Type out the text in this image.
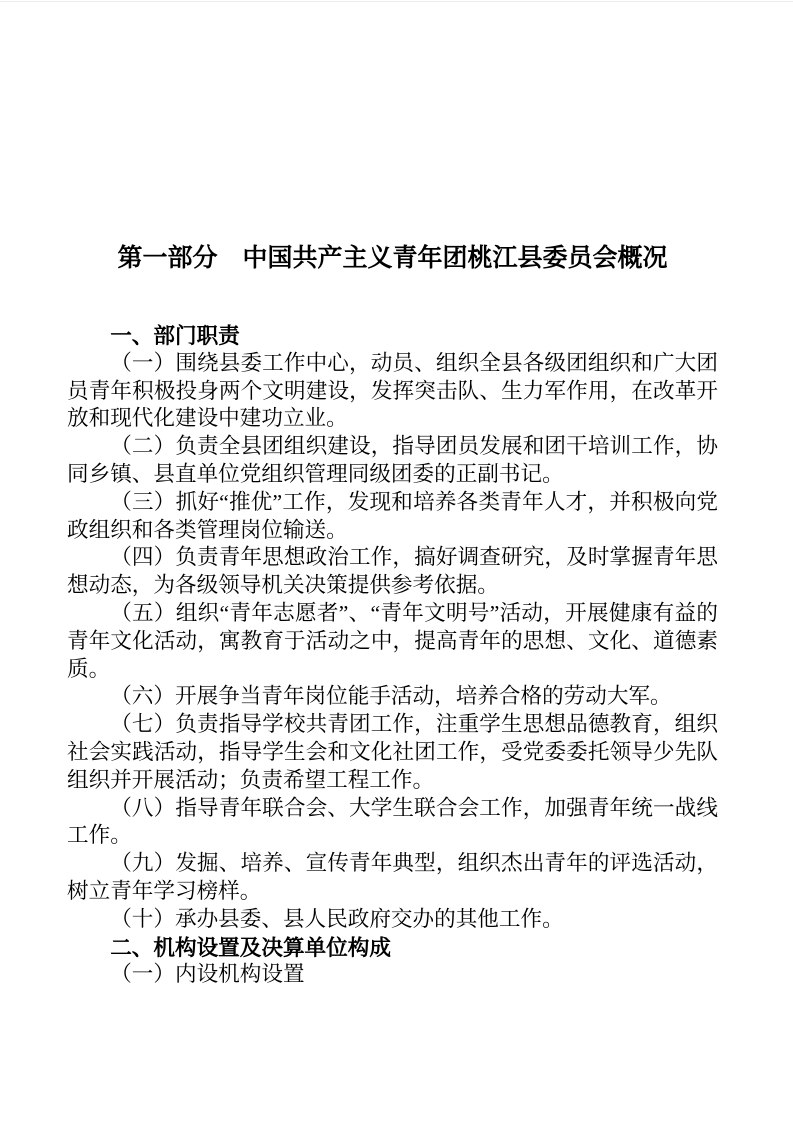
第一部分　中国共产主义青年团桃江县委员会概况
一、部门职责

（一）围绕县委工作中心，动员、组织全县各级团组织和广大团员青年积极投身两个文明建设，发挥突击队、生力军作用，在改革开放和现代化建设中建功立业。

（二）负责全县团组织建设，指导团员发展和团干培训工作，协同乡镇、县直单位党组织管理同级团委的正副书记。

（三）抓好“推优”工作，发现和培养各类青年人才，并积极向党政组织和各类管理岗位输送。

（四）负责青年思想政治工作，搞好调查研究，及时掌握青年思想动态，为各级领导机关决策提供参考依据。

（五）组织“青年志愿者”、“青年文明号”活动，开展健康有益的青年文化活动，寓教育于活动之中，提高青年的思想、文化、道德素质。

（六）开展争当青年岗位能手活动，培养合格的劳动大军。

（七）负责指导学校共青团工作，注重学生思想品德教育，组织社会实践活动，指导学生会和文化社团工作，受党委委托领导少先队组织并开展活动；负责希望工程工作。

（八）指导青年联合会、大学生联合会工作，加强青年统一战线工作。

（九）发掘、培养、宣传青年典型，组织杰出青年的评选活动，树立青年学习榜样。

（十）承办县委、县人民政府交办的其他工作。

二、机构设置及决算单位构成

（一）内设机构设置
